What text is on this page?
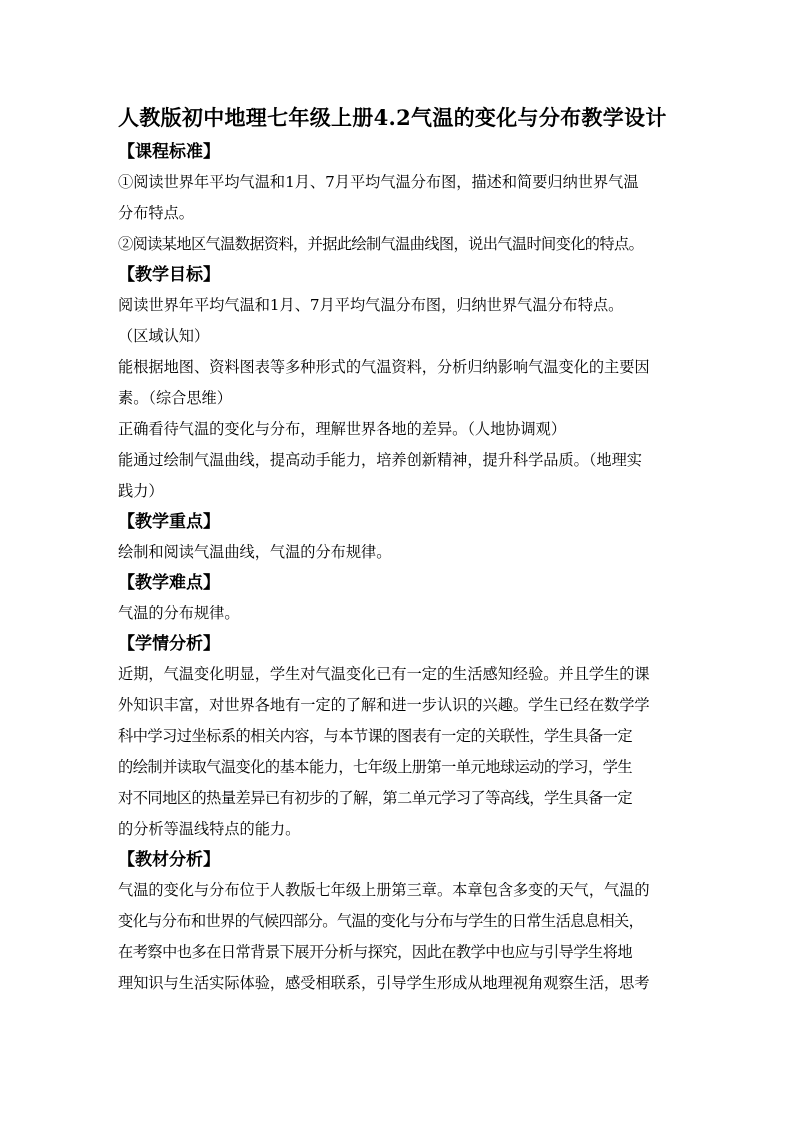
人教版初中地理七年级上册4.2气温的变化与分布教学设计
【课程标准】

①阅读世界年平均气温和1月、7月平均气温分布图，描述和简要归纳世界气温
分布特点。

②阅读某地区气温数据资料，并据此绘制气温曲线图，说出气温时间变化的特点。

【教学目标】

阅读世界年平均气温和1月、7月平均气温分布图，归纳世界气温分布特点。
（区域认知）

能根据地图、资料图表等多种形式的气温资料，分析归纳影响气温变化的主要因
素。（综合思维）

正确看待气温的变化与分布，理解世界各地的差异。（人地协调观）

能通过绘制气温曲线，提高动手能力，培养创新精神，提升科学品质。（地理实
践力）

【教学重点】

绘制和阅读气温曲线，气温的分布规律。

【教学难点】

气温的分布规律。

【学情分析】

近期，气温变化明显，学生对气温变化已有一定的生活感知经验。并且学生的课
外知识丰富，对世界各地有一定的了解和进一步认识的兴趣。学生已经在数学学
科中学习过坐标系的相关内容，与本节课的图表有一定的关联性，学生具备一定
的绘制并读取气温变化的基本能力，七年级上册第一单元地球运动的学习，学生
对不同地区的热量差异已有初步的了解，第二单元学习了等高线，学生具备一定
的分析等温线特点的能力。

【教材分析】

气温的变化与分布位于人教版七年级上册第三章。本章包含多变的天气，气温的
变化与分布和世界的气候四部分。气温的变化与分布与学生的日常生活息息相关，
在考察中也多在日常背景下展开分析与探究，因此在教学中也应与引导学生将地
理知识与生活实际体验，感受相联系，引导学生形成从地理视角观察生活，思考
